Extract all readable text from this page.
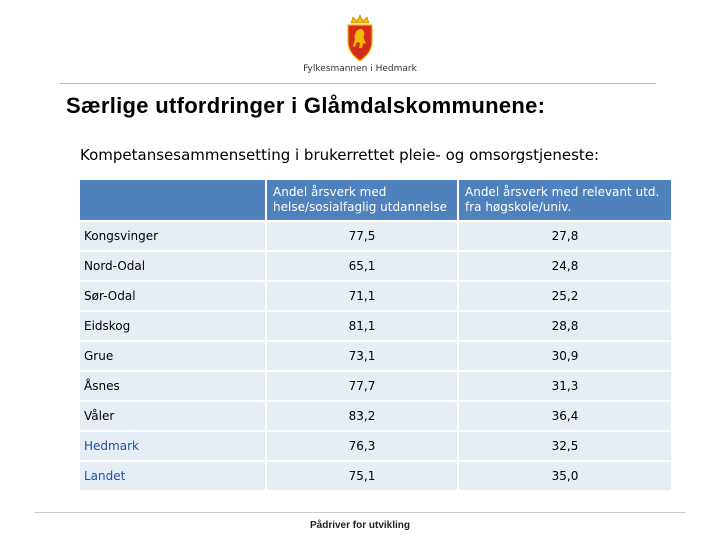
Fylkesmannen i Hedmark
Særlige utfordringer i Glåmdalskommunene:
Kompetansesammensetting i brukerrettet pleie- og omsorgstjeneste:
	Andel årsverk med helse/sosialfaglig utdannelse	Andel årsverk med relevant utd. fra høgskole/univ.
Kongsvinger	77,5	27,8
Nord-Odal	65,1	24,8
Sør-Odal	71,1	25,2
Eidskog	81,1	28,8
Grue	73,1	30,9
Åsnes	77,7	31,3
Våler	83,2	36,4
Hedmark	76,3	32,5
Landet	75,1	35,0
Pådriver for utvikling
